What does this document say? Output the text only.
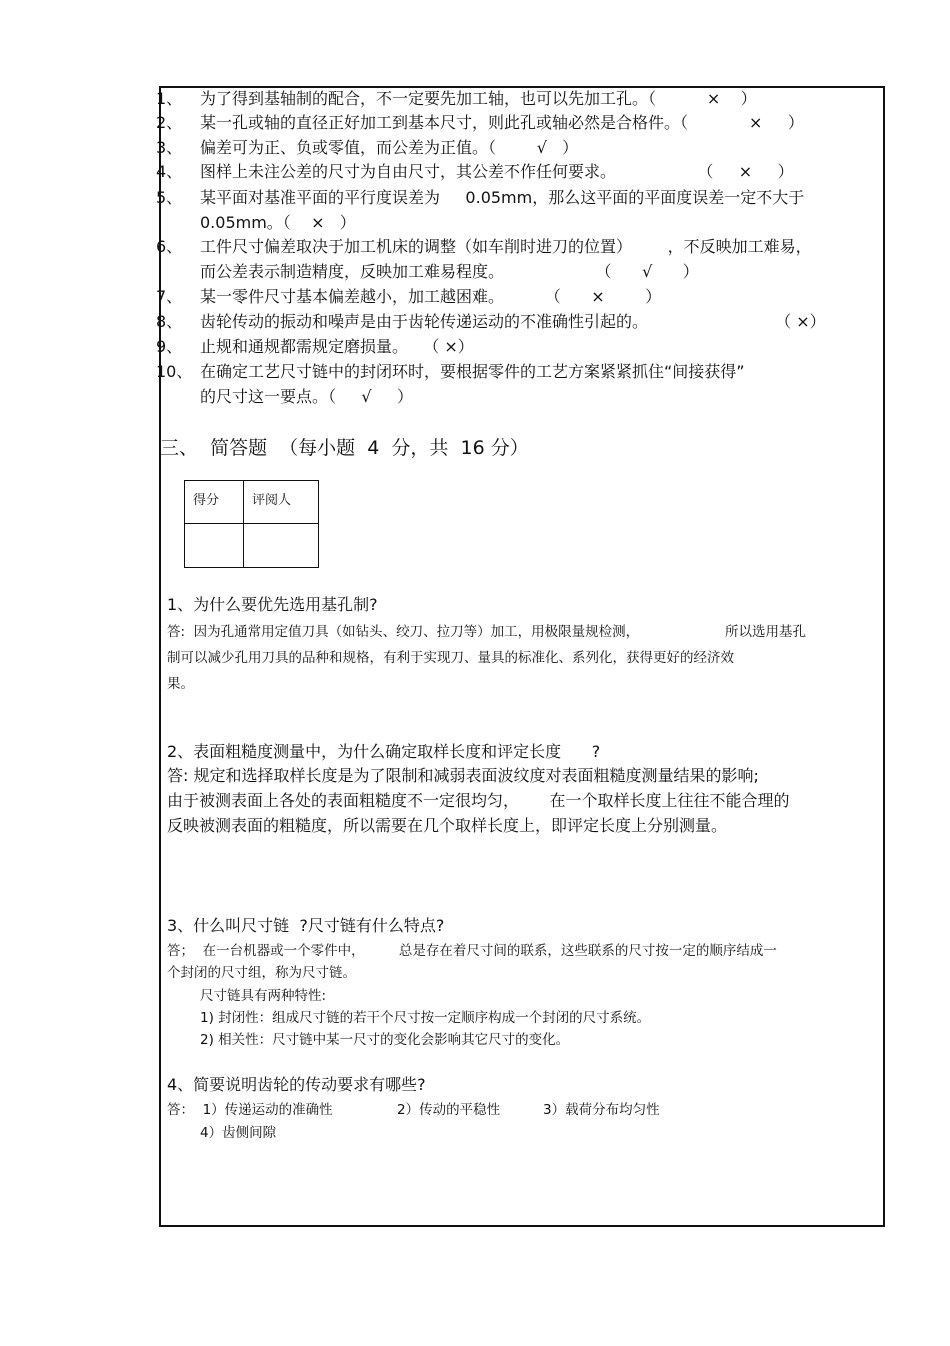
1、 为了得到基轴制的配合，不一定要先加工轴，也可以先加工孔。（          ×    ）
2、 某一孔或轴的直径正好加工到基本尺寸，则此孔或轴必然是合格件。（            ×     ）
3、 偏差可为正、负或零值，而公差为正值。（        √   ）
4、 图样上未注公差的尺寸为自由尺寸，其公差不作任何要求。                （     ×     ）
5、 某平面对基准平面的平行度误差为     0.05mm，那么这平面的平面度误差一定不大于
0.05mm。（    ×   ）
6、 工件尺寸偏差取决于加工机床的调整（如车削时进刀的位置）       ，不反映加工难易，
而公差表示制造精度，反映加工难易程度。                  （      √      ）
7、 某一零件尺寸基本偏差越小，加工越困难。        （      ×        ）
8、 齿轮传动的振动和噪声是由于齿轮传递运动的不准确性引起的。                         （ ×）
9、 止规和通规都需规定磨损量。   （ ×）
10、 在确定工艺尺寸链中的封闭环时，要根据零件的工艺方案紧紧抓住“间接获得”
的尺寸这一要点。（     √     ）
三、  简答题  （每小题  4  分，共  16 分）
得分	评阅人

1、为什么要优先选用基孔制?
答:  因为孔通常用定值刀具（如钻头、绞刀、拉刀等）加工，用极限量规检测，                    所以选用基孔
制可以减少孔用刀具的品种和规格，有利于实现刀、量具的标准化、系列化，获得更好的经济效
果。
2、表面粗糙度测量中，为什么确定取样长度和评定长度      ?
答: 规定和选择取样长度是为了限制和减弱表面波纹度对表面粗糙度测量结果的影响;
由于被测表面上各处的表面粗糙度不一定很均匀，      在一个取样长度上往往不能合理的
反映被测表面的粗糙度，所以需要在几个取样长度上，即评定长度上分别测量。
3、什么叫尺寸链  ?尺寸链有什么特点?
答；  在一台机器或一个零件中，        总是存在着尺寸间的联系，这些联系的尺寸按一定的顺序结成一
个封闭的尺寸组，称为尺寸链。
尺寸链具有两种特性:
1) 封闭性：组成尺寸链的若干个尺寸按一定顺序构成一个封闭的尺寸系统。
2) 相关性：尺寸链中某一尺寸的变化会影响其它尺寸的变化。
4、简要说明齿轮的传动要求有哪些?
答：  1）传递运动的准确性               2）传动的平稳性          3）载荷分布均匀性
4）齿侧间隙
